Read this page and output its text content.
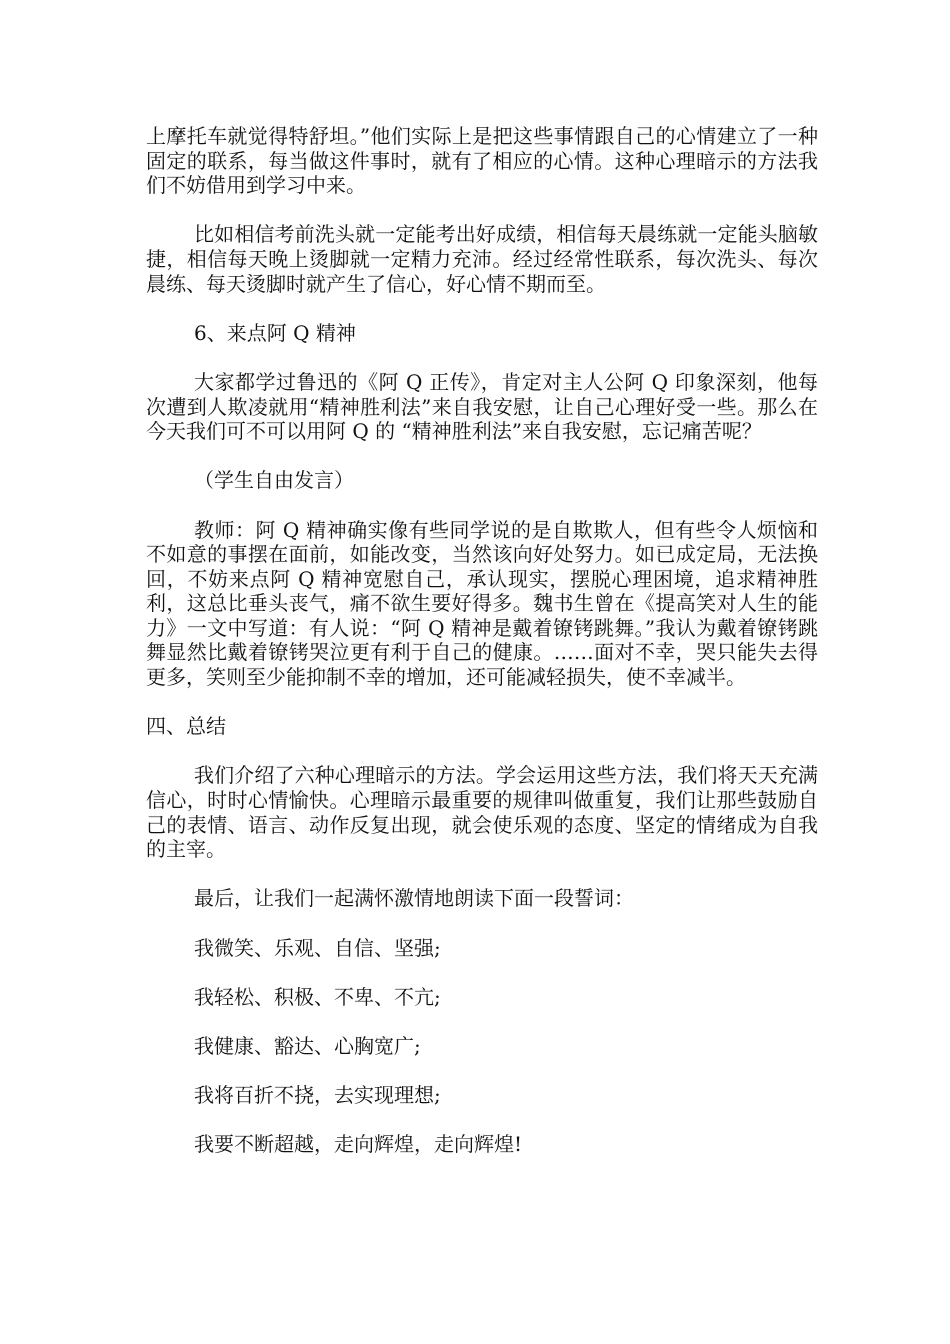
上摩托车就觉得特舒坦。”他们实际上是把这些事情跟自己的心情建立了一种固定的联系，每当做这件事时，就有了相应的心情。这种心理暗示的方法我们不妨借用到学习中来。

比如相信考前洗头就一定能考出好成绩，相信每天晨练就一定能头脑敏捷，相信每天晚上烫脚就一定精力充沛。经过经常性联系，每次洗头、每次晨练、每天烫脚时就产生了信心，好心情不期而至。

6、来点阿 Q 精神

大家都学过鲁迅的《阿 Q 正传》，肯定对主人公阿 Q 印象深刻，他每次遭到人欺凌就用“精神胜利法”来自我安慰，让自己心理好受一些。那么在今天我们可不可以用阿 Q 的 “精神胜利法”来自我安慰，忘记痛苦呢？

（学生自由发言）

教师：阿 Q 精神确实像有些同学说的是自欺欺人，但有些令人烦恼和不如意的事摆在面前，如能改变，当然该向好处努力。如已成定局，无法换回，不妨来点阿 Q 精神宽慰自己，承认现实，摆脱心理困境，追求精神胜利，这总比垂头丧气，痛不欲生要好得多。魏书生曾在《提高笑对人生的能力》一文中写道：有人说：“阿 Q 精神是戴着镣铐跳舞。”我认为戴着镣铐跳舞显然比戴着镣铐哭泣更有利于自己的健康。……面对不幸，哭只能失去得更多，笑则至少能抑制不幸的增加，还可能减轻损失，使不幸减半。

四、总结

我们介绍了六种心理暗示的方法。学会运用这些方法，我们将天天充满信心，时时心情愉快。心理暗示最重要的规律叫做重复，我们让那些鼓励自己的表情、语言、动作反复出现，就会使乐观的态度、坚定的情绪成为自我的主宰。

最后，让我们一起满怀激情地朗读下面一段誓词：

我微笑、乐观、自信、坚强;

我轻松、积极、不卑、不亢;

我健康、豁达、心胸宽广;

我将百折不挠，去实现理想;

我要不断超越，走向辉煌，走向辉煌!
